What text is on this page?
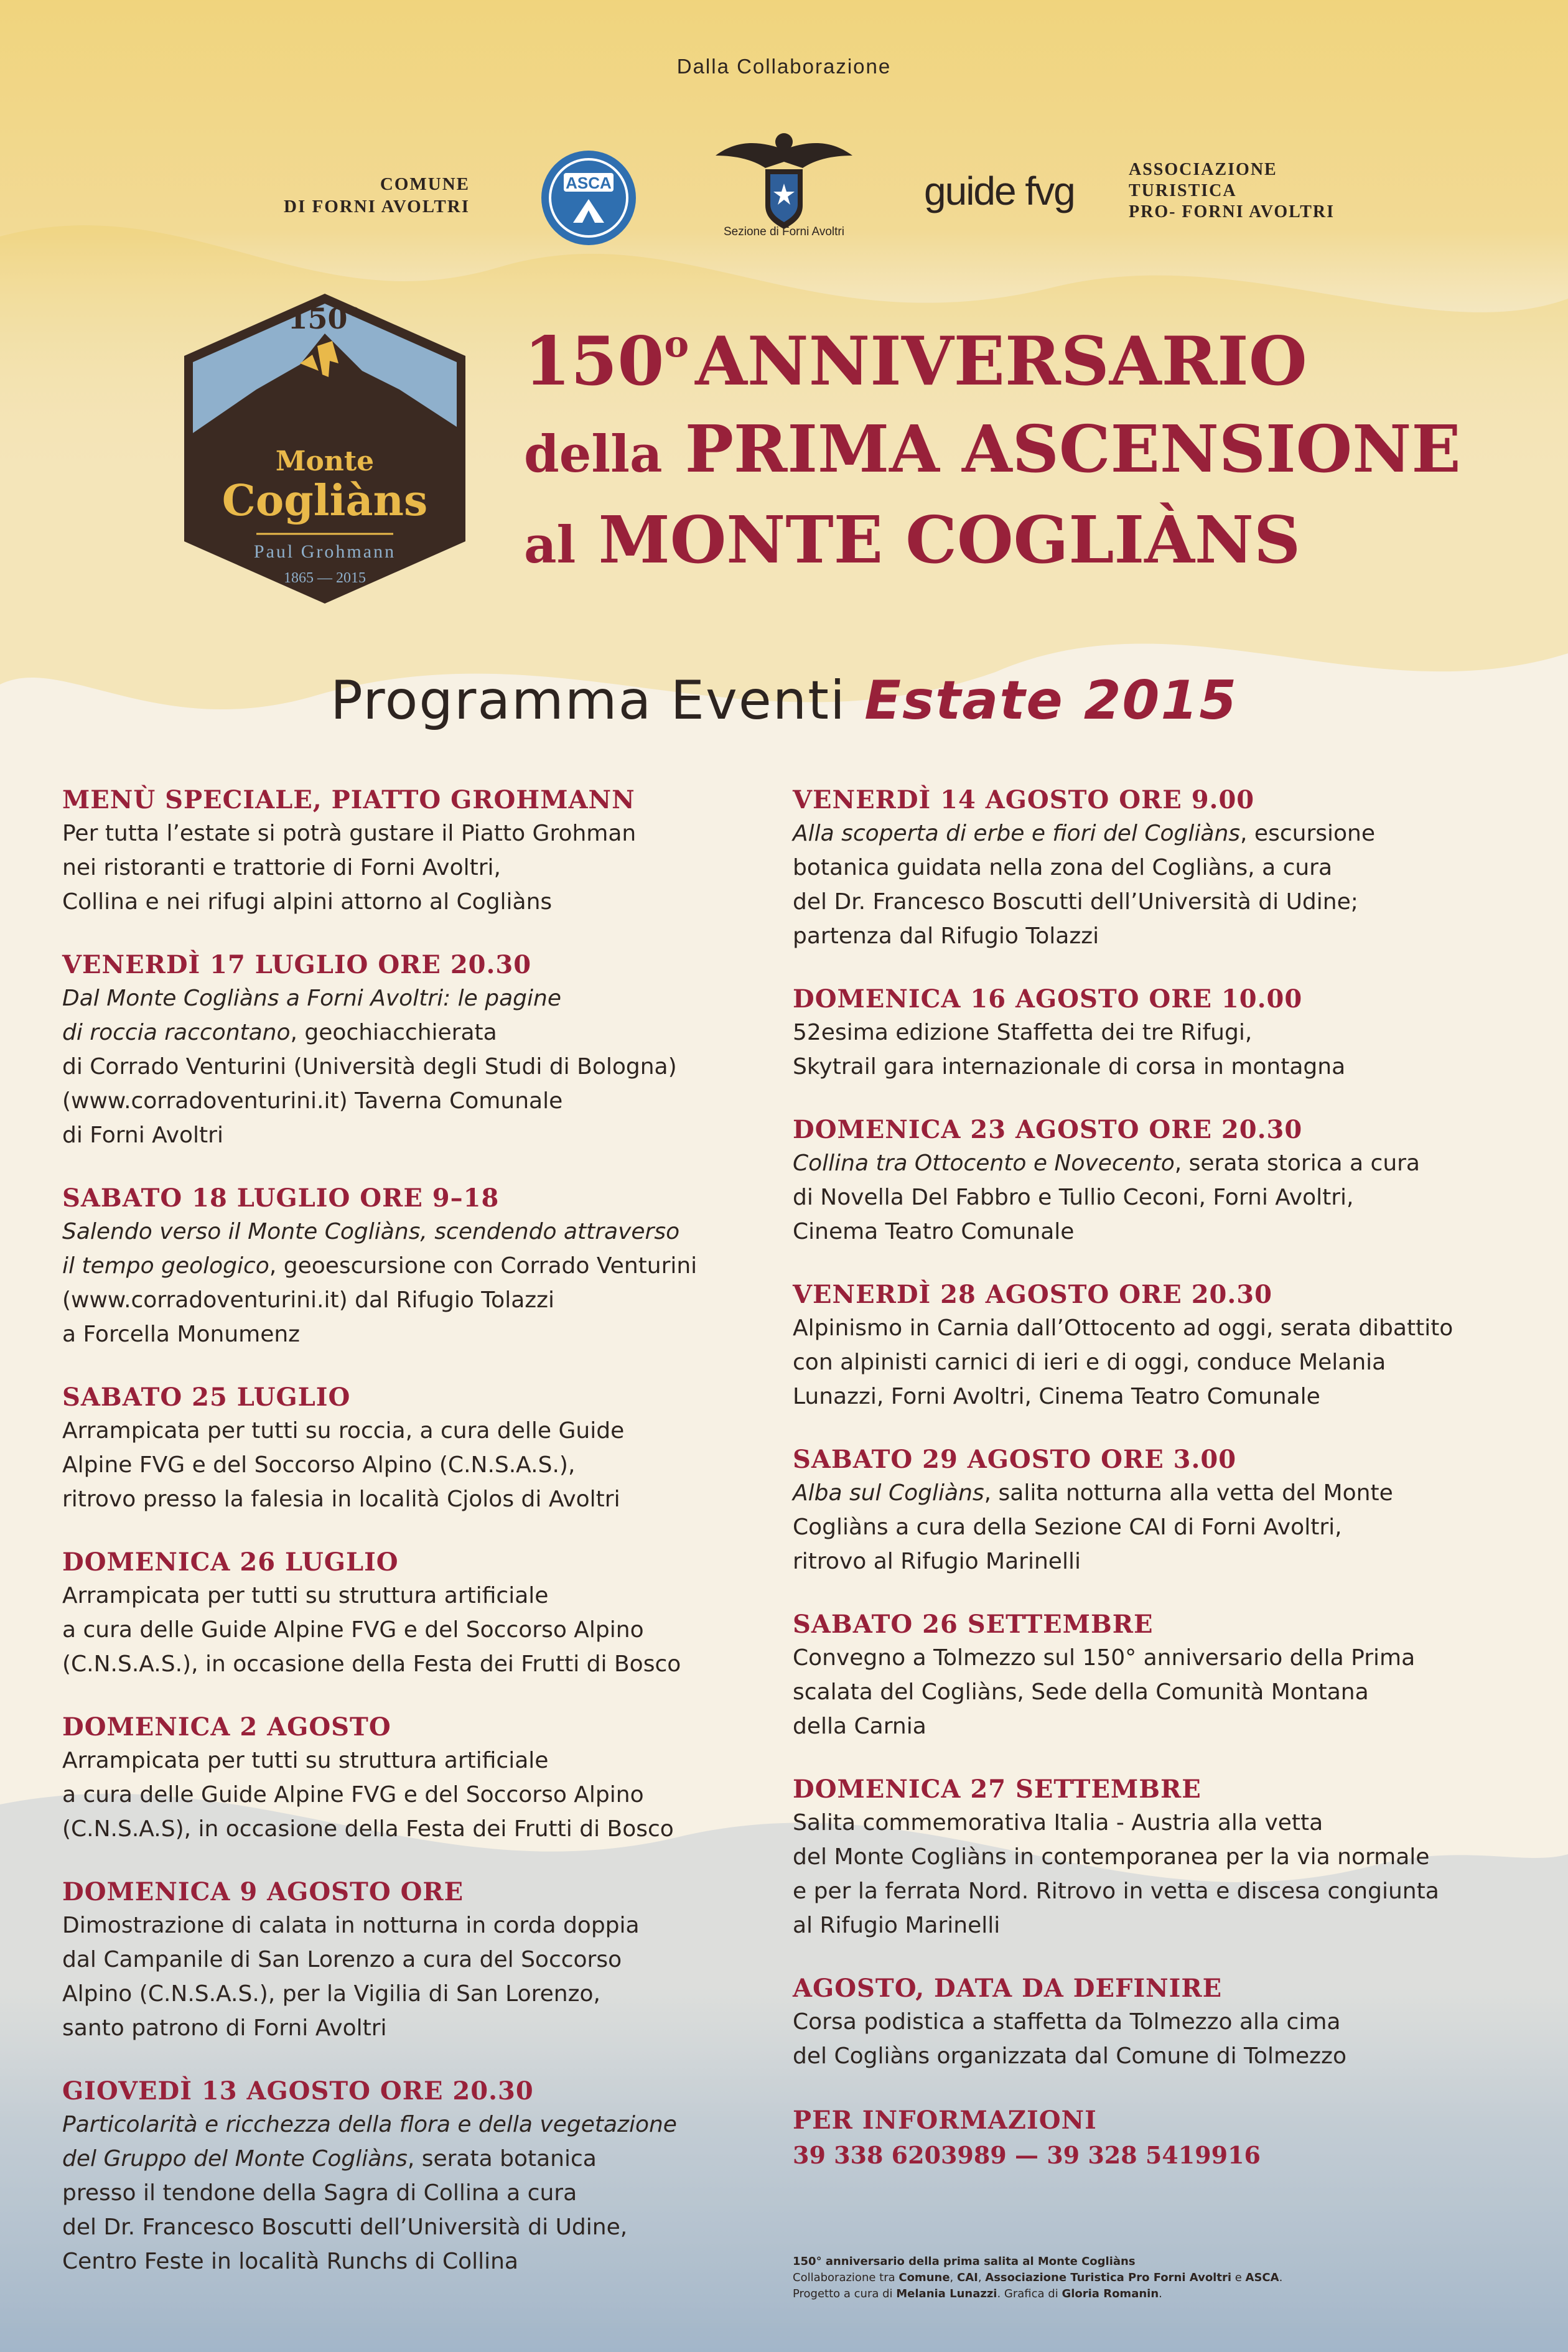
Dalla Collaborazione
COMUNE
DI FORNI AVOLTRI
ASCA
Sezione di Forni Avoltri
guide fvg	ASSOCIAZIONE
TURISTICA
PRO- FORNI AVOLTRI
150°
Monte
Cogliàns
Paul Grohmann
1865 — 2015
150$^o$ANNIVERSARIO
della PRIMA ASCENSIONE
al MONTE COGLIÀNS
Programma Eventi Estate 2015
MENÙ SPECIALE, PIATTO GROHMANN
Per tutta l’estate si potrà gustare il Piatto Grohman
nei ristoranti e trattorie di Forni Avoltri,
Collina e nei rifugi alpini attorno al Cogliàns
VENERDÌ 17 LUGLIO ORE 20.30
Dal Monte Cogliàns a Forni Avoltri: le pagine
di roccia raccontano, geochiacchierata
di Corrado Venturini (Università degli Studi di Bologna)
(www.corradoventurini.it) Taverna Comunale
di Forni Avoltri
SABATO 18 LUGLIO ORE 9–18
Salendo verso il Monte Cogliàns, scendendo attraverso
il tempo geologico, geoescursione con Corrado Venturini
(www.corradoventurini.it) dal Rifugio Tolazzi
a Forcella Monumenz
SABATO 25 LUGLIO
Arrampicata per tutti su roccia, a cura delle Guide
Alpine FVG e del Soccorso Alpino (C.N.S.A.S.),
ritrovo presso la falesia in località Cjolos di Avoltri
DOMENICA 26 LUGLIO
Arrampicata per tutti su struttura artificiale
a cura delle Guide Alpine FVG e del Soccorso Alpino
(C.N.S.A.S.), in occasione della Festa dei Frutti di Bosco
DOMENICA 2 AGOSTO
Arrampicata per tutti su struttura artificiale
a cura delle Guide Alpine FVG e del Soccorso Alpino
(C.N.S.A.S), in occasione della Festa dei Frutti di Bosco
DOMENICA 9 AGOSTO ORE
Dimostrazione di calata in notturna in corda doppia
dal Campanile di San Lorenzo a cura del Soccorso
Alpino (C.N.S.A.S.), per la Vigilia di San Lorenzo,
santo patrono di Forni Avoltri
GIOVEDÌ 13 AGOSTO ORE 20.30
Particolarità e ricchezza della flora e della vegetazione
del Gruppo del Monte Cogliàns, serata botanica
presso il tendone della Sagra di Collina a cura
del Dr. Francesco Boscutti dell’Università di Udine,
Centro Feste in località Runchs di Collina
VENERDÌ 14 AGOSTO ORE 9.00
Alla scoperta di erbe e fiori del Cogliàns, escursione
botanica guidata nella zona del Cogliàns, a cura
del Dr. Francesco Boscutti dell’Università di Udine;
partenza dal Rifugio Tolazzi
DOMENICA 16 AGOSTO ORE 10.00
52esima edizione Staffetta dei tre Rifugi,
Skytrail gara internazionale di corsa in montagna
DOMENICA 23 AGOSTO ORE 20.30
Collina tra Ottocento e Novecento, serata storica a cura
di Novella Del Fabbro e Tullio Ceconi, Forni Avoltri,
Cinema Teatro Comunale
VENERDÌ 28 AGOSTO ORE 20.30
Alpinismo in Carnia dall’Ottocento ad oggi, serata dibattito
con alpinisti carnici di ieri e di oggi, conduce Melania
Lunazzi, Forni Avoltri, Cinema Teatro Comunale
SABATO 29 AGOSTO ORE 3.00
Alba sul Cogliàns, salita notturna alla vetta del Monte
Cogliàns a cura della Sezione CAI di Forni Avoltri,
ritrovo al Rifugio Marinelli
SABATO 26 SETTEMBRE
Convegno a Tolmezzo sul 150° anniversario della Prima
scalata del Cogliàns, Sede della Comunità Montana
della Carnia
DOMENICA 27 SETTEMBRE
Salita commemorativa Italia - Austria alla vetta
del Monte Cogliàns in contemporanea per la via normale
e per la ferrata Nord. Ritrovo in vetta e discesa congiunta
al Rifugio Marinelli
AGOSTO, DATA DA DEFINIRE
Corsa podistica a staffetta da Tolmezzo alla cima
del Cogliàns organizzata dal Comune di Tolmezzo
PER INFORMAZIONI
39 338 6203989 — 39 328 5419916
150° anniversario della prima salita al Monte Cogliàns
Collaborazione tra Comune, CAI, Associazione Turistica Pro Forni Avoltri e ASCA.
Progetto a cura di Melania Lunazzi. Grafica di Gloria Romanin.
